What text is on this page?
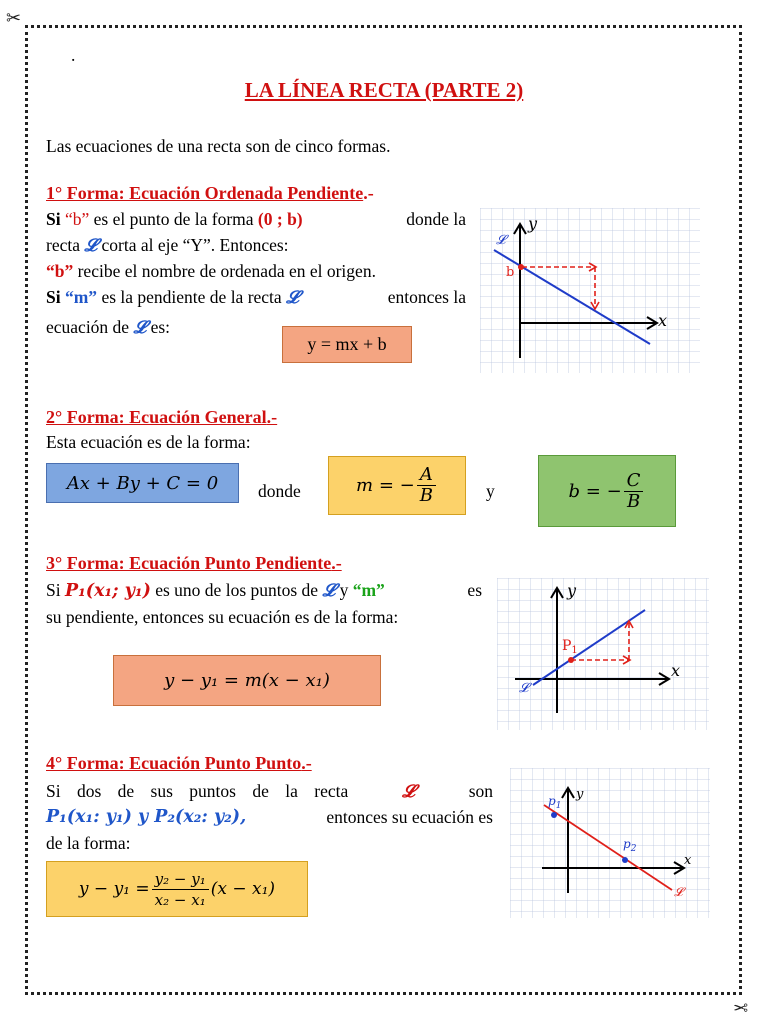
✂
✂
.
LA LÍNEA RECTA (PARTE 2)
Las ecuaciones de una recta son de cinco formas.
1° Forma: Ecuación Ordenada Pendiente.-
Si “b” es el punto de la forma (0 ; b)	donde la
recta 𝓛 corta al eje “Y”. Entonces:
“b” recibe el nombre de ordenada en el origen.
Si “m” es la pendiente de la recta 𝓛	entonces la
ecuación de 𝓛 es:
y = mx + b
y
x
𝓛
b
2° Forma: Ecuación General.-
Esta ecuación es de la forma:
Ax + By + C = 0	donde	m = − $\frac{A}{B}$	y	b = − $\frac{C}{B}$
3° Forma: Ecuación Punto Pendiente.-
Si P₁(x₁; y₁) es uno de los puntos de 𝓛 y “m”	es
su pendiente, entonces su ecuación es de la forma:
y − y₁ = m(x − x₁)
y
x
𝓛
$P_1$
4° Forma: Ecuación Punto Punto.-
Si dos de sus puntos de la recta	𝓛	son
P₁(x₁: y₁) y P₂(x₂: y₂),	entonces su ecuación es
de la forma:
$y - y_1 = \frac{\text{y₂ − y₁}}{\text{x₂ − x₁}} (x - x_1)$
y
x
𝓛
$p_1$
$p_2$
